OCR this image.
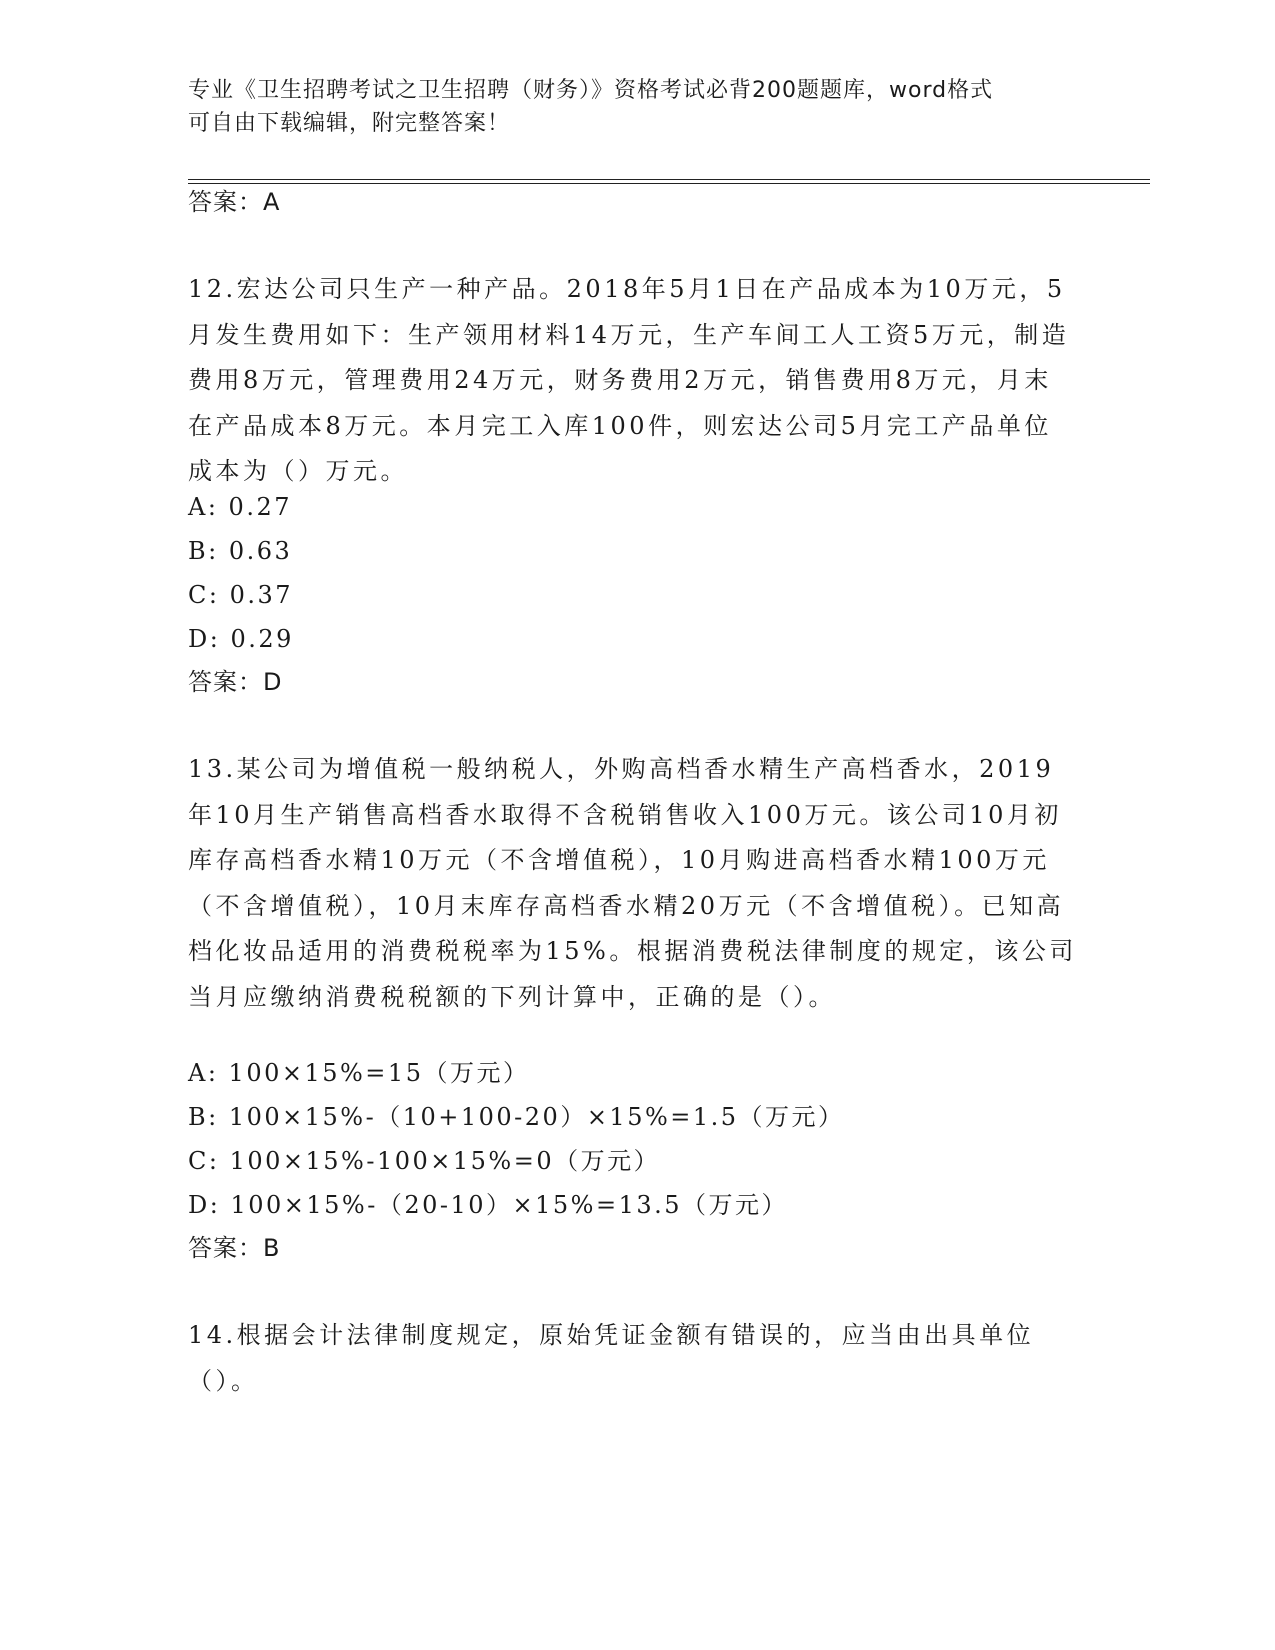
专业《卫生招聘考试之卫生招聘（财务）》资格考试必背200题题库，word格式
可自由下载编辑，附完整答案！
答案：A
12.宏达公司只生产一种产品。2018年5月1日在产品成本为10万元，5月发生费用如下：生产领用材料14万元，生产车间工人工资5万元，制造费用8万元，管理费用24万元，财务费用2万元，销售费用8万元，月末在产品成本8万元。本月完工入库100件，则宏达公司5月完工产品单位成本为（）万元。
A: 0.27
B: 0.63
C: 0.37
D: 0.29
答案：D
13.某公司为增值税一般纳税人，外购高档香水精生产高档香水，2019年10月生产销售高档香水取得不含税销售收入100万元。该公司10月初库存高档香水精10万元（不含增值税），10月购进高档香水精100万元（不含增值税），10月末库存高档香水精20万元（不含增值税）。已知高档化妆品适用的消费税税率为15%。根据消费税法律制度的规定，该公司当月应缴纳消费税税额的下列计算中，正确的是（）。
A: 100×15%=15（万元）
B: 100×15%-（10+100-20）×15%=1.5（万元）
C: 100×15%-100×15%=0（万元）
D: 100×15%-（20-10）×15%=13.5（万元）
答案：B
14.根据会计法律制度规定，原始凭证金额有错误的，应当由出具单位（）。
